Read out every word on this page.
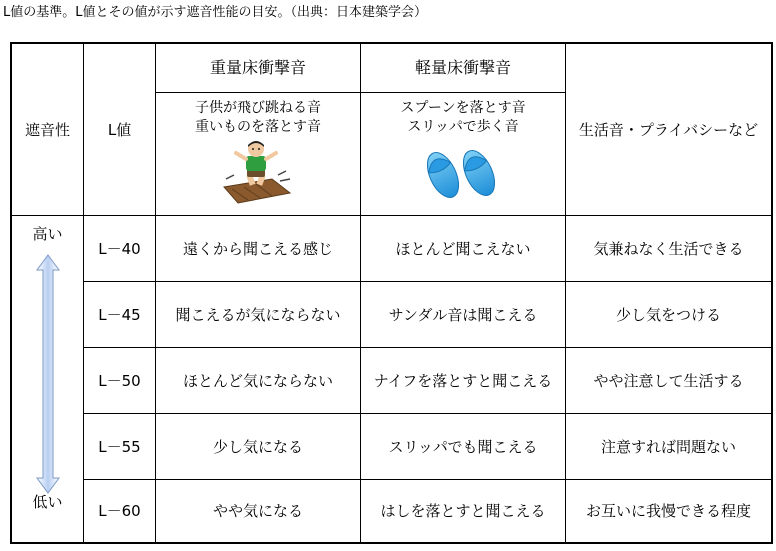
L値の基準。L値とその値が示す遮音性能の目安。（出典：日本建築学会）
遮音性	L値
重量床衝撃音	軽量床衝撃音
生活音・プライバシーなど
子供が飛び跳ねる音
重いものを落とす音
スプーンを落とす音
スリッパで歩く音
高い
低い
L－40	遠くから聞こえる感じ	ほとんど聞こえない	気兼ねなく生活できる
L－45	聞こえるが気にならない	サンダル音は聞こえる	少し気をつける
L－50	ほとんど気にならない	ナイフを落とすと聞こえる	やや注意して生活する
L－55	少し気になる	スリッパでも聞こえる	注意すれば問題ない
L－60	やや気になる	はしを落とすと聞こえる	お互いに我慢できる程度
